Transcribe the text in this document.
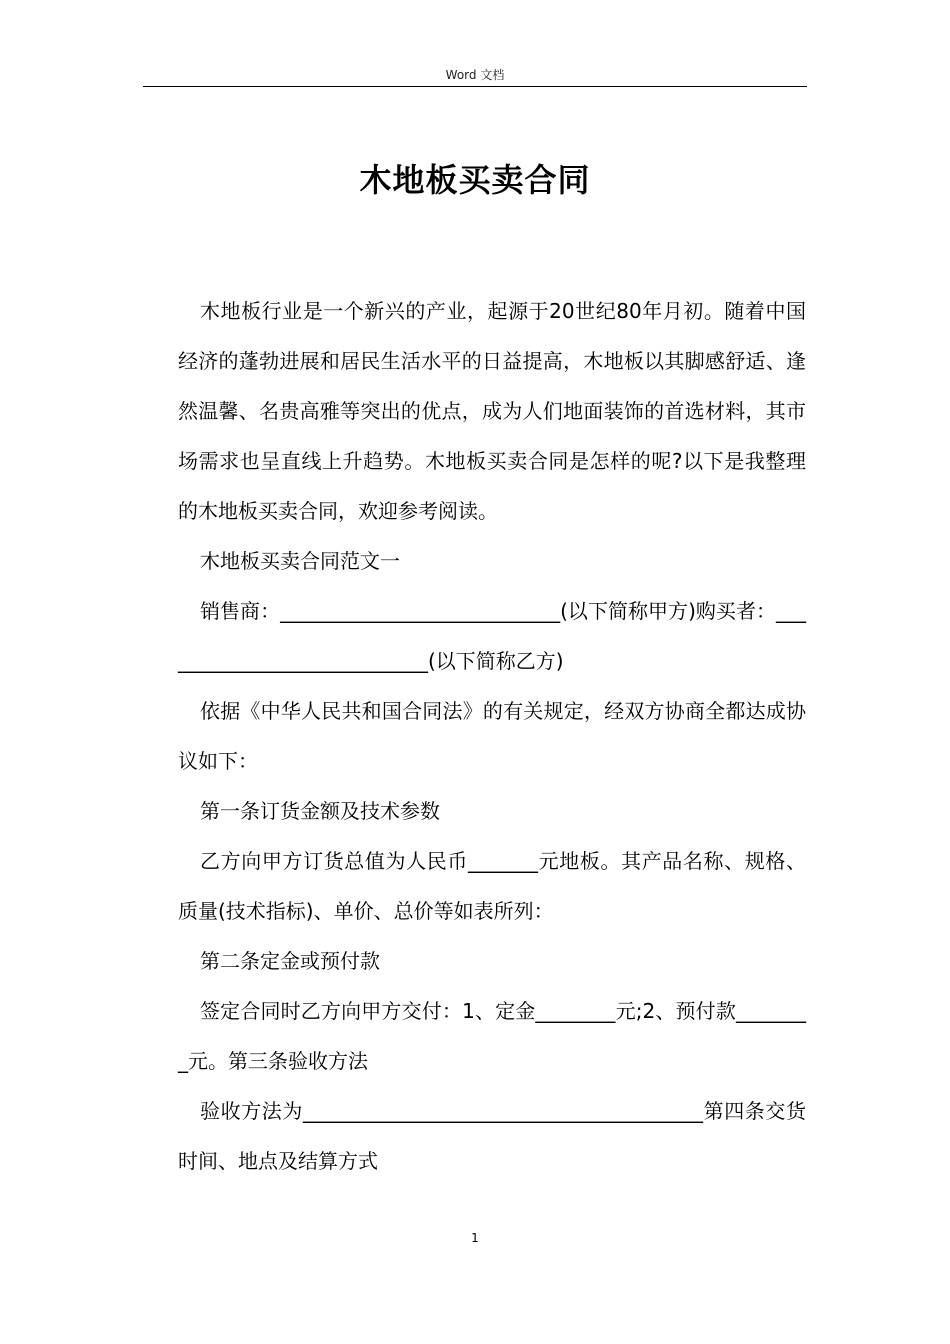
Word 文档
木地板买卖合同

木地板行业是一个新兴的产业，起源于20世纪80年月初。随着中国经济的蓬勃进展和居民生活水平的日益提高，木地板以其脚感舒适、逢然温馨、名贵高雅等突出的优点，成为人们地面装饰的首选材料，其市场需求也呈直线上升趋势。木地板买卖合同是怎样的呢?以下是我整理的木地板买卖合同，欢迎参考阅读。

木地板买卖合同范文一

销售商：____________________________(以下简称甲方)购买者：____________________________(以下简称乙方)

依据《中华人民共和国合同法》的有关规定，经双方协商全都达成协议如下：

第一条订货金额及技术参数

乙方向甲方订货总值为人民币_______元地板。其产品名称、规格、质量(技术指标)、单价、总价等如表所列：

第二条定金或预付款

签定合同时乙方向甲方交付：1、定金________元;2、预付款________元。第三条验收方法

验收方法为________________________________________第四条交货时间、地点及结算方式

1
